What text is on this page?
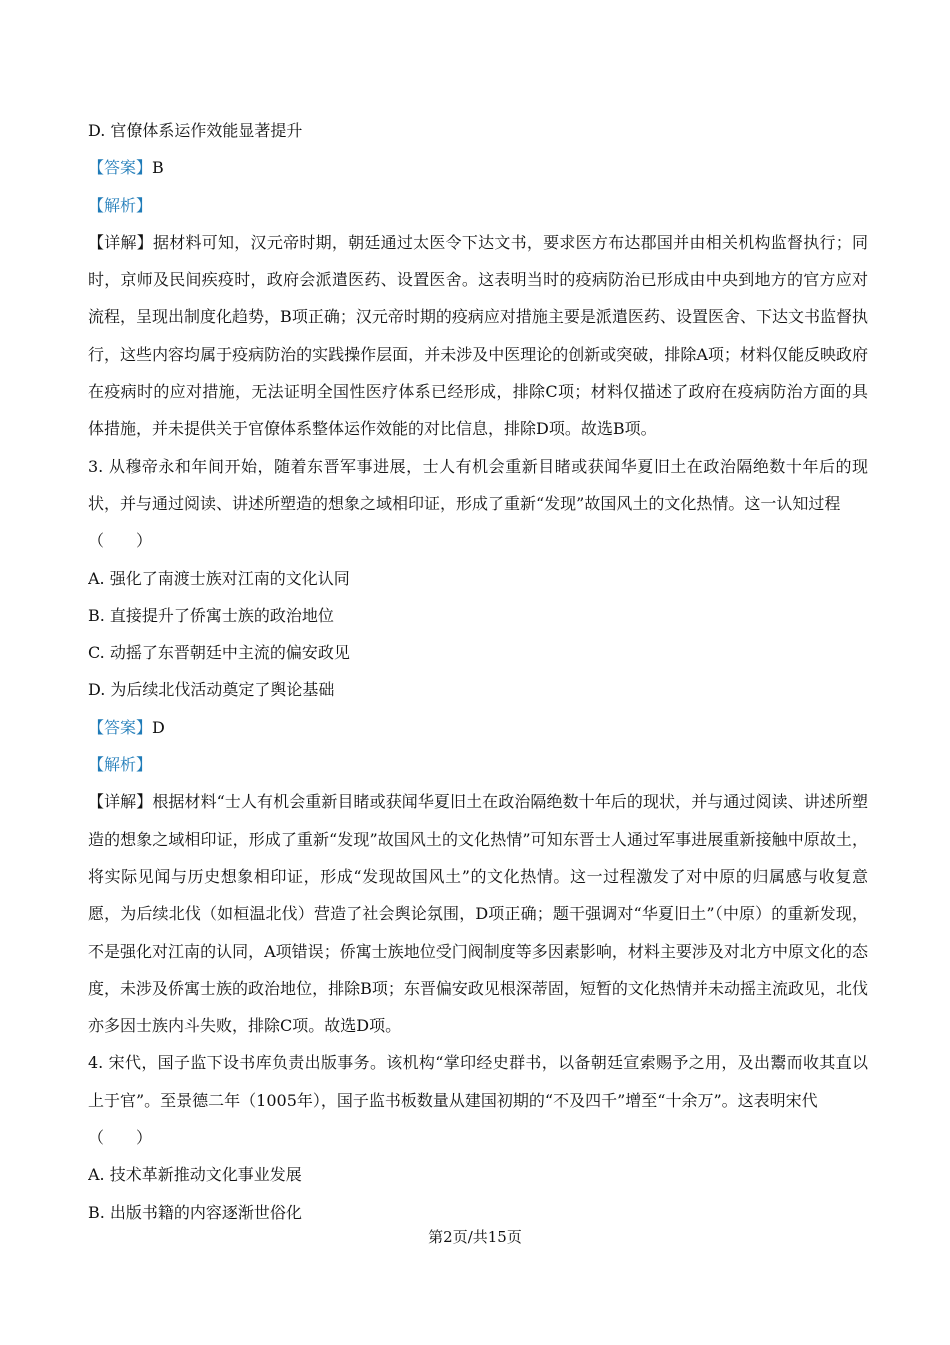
D. 官僚体系运作效能显著提升
【答案】B
【解析】
【详解】据材料可知，汉元帝时期，朝廷通过太医令下达文书，要求医方布达郡国并由相关机构监督执行；同时，京师及民间疾疫时，政府会派遣医药、设置医舍。这表明当时的疫病防治已形成由中央到地方的官方应对流程，呈现出制度化趋势，B项正确；汉元帝时期的疫病应对措施主要是派遣医药、设置医舍、下达文书监督执行，这些内容均属于疫病防治的实践操作层面，并未涉及中医理论的创新或突破，排除A项；材料仅能反映政府在疫病时的应对措施，无法证明全国性医疗体系已经形成，排除C项；材料仅描述了政府在疫病防治方面的具体措施，并未提供关于官僚体系整体运作效能的对比信息，排除D项。故选B项。
3. 从穆帝永和年间开始，随着东晋军事进展，士人有机会重新目睹或获闻华夏旧土在政治隔绝数十年后的现状，并与通过阅读、讲述所塑造的想象之域相印证，形成了重新“发现”故国风土的文化热情。这一认知过程
（　　）
A. 强化了南渡士族对江南的文化认同
B. 直接提升了侨寓士族的政治地位
C. 动摇了东晋朝廷中主流的偏安政见
D. 为后续北伐活动奠定了舆论基础
【答案】D
【解析】
【详解】根据材料“士人有机会重新目睹或获闻华夏旧土在政治隔绝数十年后的现状，并与通过阅读、讲述所塑造的想象之域相印证，形成了重新“发现”故国风土的文化热情”可知东晋士人通过军事进展重新接触中原故土，将实际见闻与历史想象相印证，形成“发现故国风土”的文化热情。这一过程激发了对中原的归属感与收复意愿，为后续北伐（如桓温北伐）营造了社会舆论氛围，D项正确；题干强调对“华夏旧土”（中原）的重新发现，不是强化对江南的认同，A项错误；侨寓士族地位受门阀制度等多因素影响，材料主要涉及对北方中原文化的态度，未涉及侨寓士族的政治地位，排除B项；东晋偏安政见根深蒂固，短暂的文化热情并未动摇主流政见，北伐亦多因士族内斗失败，排除C项。故选D项。
4. 宋代，国子监下设书库负责出版事务。该机构“掌印经史群书，以备朝廷宣索赐予之用，及出鬻而收其直以上于官”。至景德二年（1005年），国子监书板数量从建国初期的“不及四千”增至“十余万”。这表明宋代
（　　）
A. 技术革新推动文化事业发展
B. 出版书籍的内容逐渐世俗化
第2页/共15页
